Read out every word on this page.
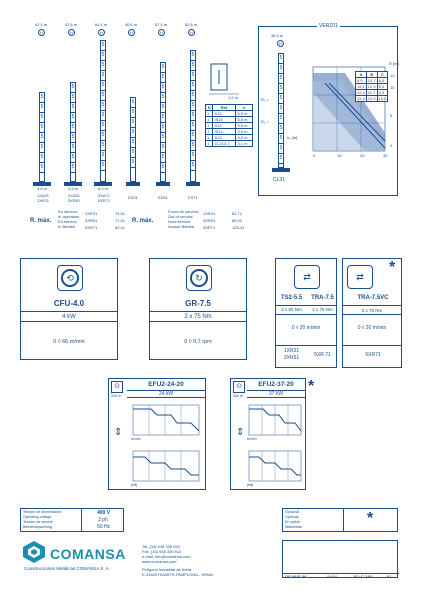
42,1 m	47,6 m	64,4 m	40,6 m	57,1 m	62,8 m
H	H	H	H	H	H
5
5
5
5
5
5
5
5
5
5
5
5
5
5
5
5
5
5
5
5
5
5
5
5
5
5
5
5
5
5
5
5
5
5
5
5
5
5
5
5
5
5
5
5
5
5
5
5
5
5
5
5
5
5
5
5
5
5
5
5
3,8 m	4,5 m	6,0 m
1XA31
1XK31
2XA51
3XR51
5XA71
5XR71
ES31	ES51	ES71
R. máx.
En servicio
In operation
En service
In Betrieb
1XR31	74,61
3XR51	71,91
5XR71	82,41
R. máx.
Fuera de servicio
Out of service
Hors service
Ausser Betrieb
1XR31	81,71
3XR51	89,41
5XR71	125,41
1,6 m
N	Ref.	h
1	S15	5,5 m
1	IS15	5,5 m
1	S14	5,5 m
1	IS14	5,5 m
1	S13	5,5 m
1	CL313.1	3,1 m
VERZ01
38,3 m
H
5
5
5
5
5
5
5
5
5
5
5
CL31
R₁ =
R₂ =
h₁ [m]
0	10	20	30
R [m]
12
10
5
0
A	B	C
8,9	13,7	6,3
19,1	12,9	8,4
22,4	11,7	9,3
25,3	10,9	10,8
⟲
CFU-4.0
4 kW
0 ◊ 66 m/min
↻
GR-7.5
2 x 75 Nm
0 ◊ 0,7 rpm
⇄
TS2-5.5	TRA-7.5
2 x 55 Nm	2 x 75 Nm
0 ◊ 20 m/min
1XR31
3XR51	5XR 71
⇄
*
TRA-7.5VC
2 x 75 Nm
0 ◊ 20 m/min
5XR71
⊙
316 m
EFU2-24-20
24 kW
⇕
m/min
[kN]
⊙
450 m
EFU2-37-20
37 kW
⇕
m/min
[kN]
*
Tensión de alimentación
Operating voltage
Tension de service
Betriebsspannung
400 V
3 ph
50 Hz
Opcional
Optional
En option
Wahlweise	*
COMANSA
Construcciones Metálicas COMANSA S. A.
Tel. (34) 948 335 020
Fax: (34) 948 330 810
e-mail: info@comansa.com
www.comansa.com
Polígono Industrial de Areta
E-31620 HUARTE-PAMPLONA - SPAIN	DS.0431.04	09/04	10 LC 140	61
